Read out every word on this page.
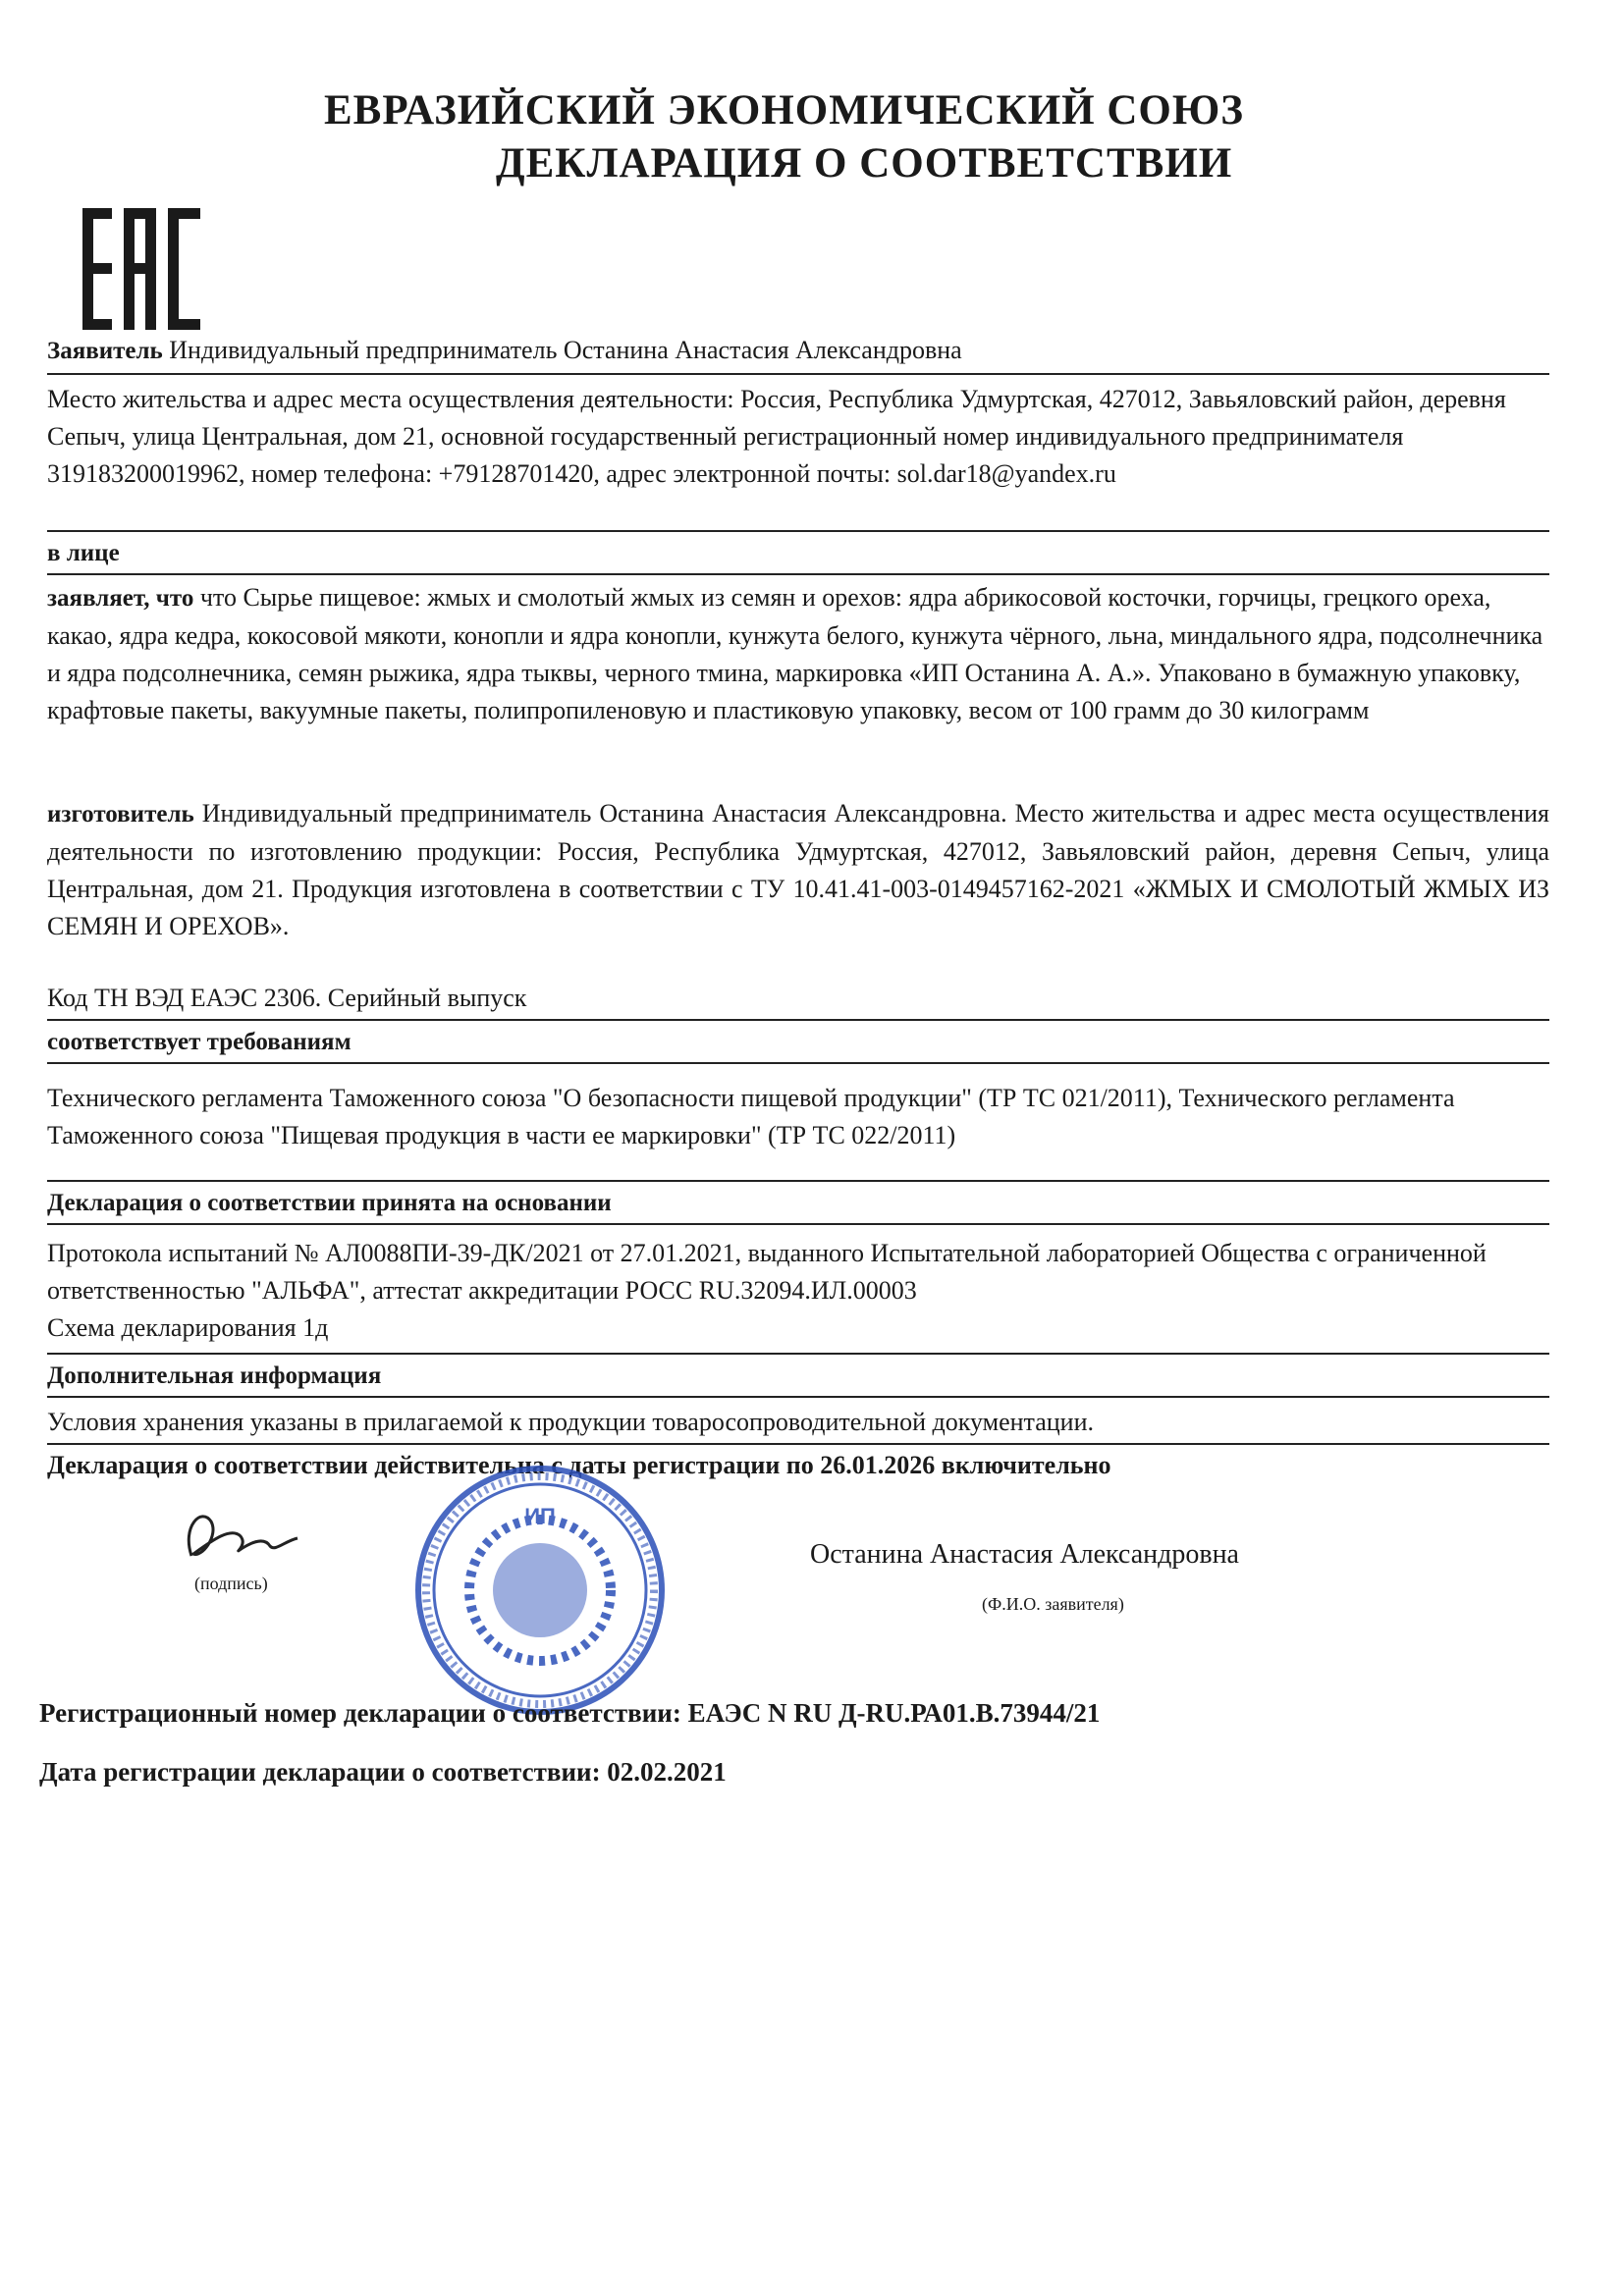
ЕВРАЗИЙСКИЙ ЭКОНОМИЧЕСКИЙ СОЮЗ
ДЕКЛАРАЦИЯ О СООТВЕТСТВИИ

Заявитель Индивидуальный предприниматель Останина Анастасия Александровна

Место жительства и адрес места осуществления деятельности: Россия, Республика Удмуртская, 427012, Завьяловский район, деревня Сепыч, улица Центральная, дом 21, основной государственный регистрационный номер индивидуального предпринимателя 319183200019962, номер телефона: +79128701420, адрес электронной почты: sol.dar18@yandex.ru

в лице

заявляет, что что Сырье пищевое: жмых и смолотый жмых из семян и орехов: ядра абрикосовой косточки, горчицы, грецкого ореха, какао, ядра кедра, кокосовой мякоти, конопли и ядра конопли, кунжута белого, кунжута чёрного, льна, миндального ядра, подсолнечника и ядра подсолнечника, семян рыжика, ядра тыквы, черного тмина, маркировка «ИП Останина А. А.». Упаковано в бумажную упаковку, крафтовые пакеты, вакуумные пакеты, полипропиленовую и пластиковую упаковку, весом от 100 грамм до 30 килограмм

изготовитель Индивидуальный предприниматель Останина Анастасия Александровна. Место жительства и адрес места осуществления деятельности по изготовлению продукции: Россия, Республика Удмуртская, 427012, Завьяловский район, деревня Сепыч, улица Центральная, дом 21. Продукция изготовлена в соответствии с ТУ 10.41.41-003-0149457162-2021 «ЖМЫХ И СМОЛОТЫЙ ЖМЫХ ИЗ СЕМЯН И ОРЕХОВ».

Код ТН ВЭД ЕАЭС 2306. Серийный выпуск

соответствует требованиям

Технического регламента Таможенного союза "О безопасности пищевой продукции" (ТР ТС 021/2011), Технического регламента Таможенного союза "Пищевая продукция в части ее маркировки" (ТР ТС 022/2011)

Декларация о соответствии принята на основании

Протокола испытаний № АЛ0088ПИ-39-ДК/2021 от 27.01.2021, выданного Испытательной лабораторией Общества с ограниченной ответственностью "АЛЬФА", аттестат аккредитации РОСС RU.32094.ИЛ.00003

Схема декларирования 1д

Дополнительная информация

Условия хранения указаны в прилагаемой к продукции товаросопроводительной документации.

Декларация о соответствии действительна с даты регистрации по 26.01.2026 включительно

(подпись)
ИП
Останина Анастасия Александровна
(Ф.И.О. заявителя)
Регистрационный номер декларации о соответствии: ЕАЭС N RU Д-RU.РА01.В.73944/21
Дата регистрации декларации о соответствии: 02.02.2021
